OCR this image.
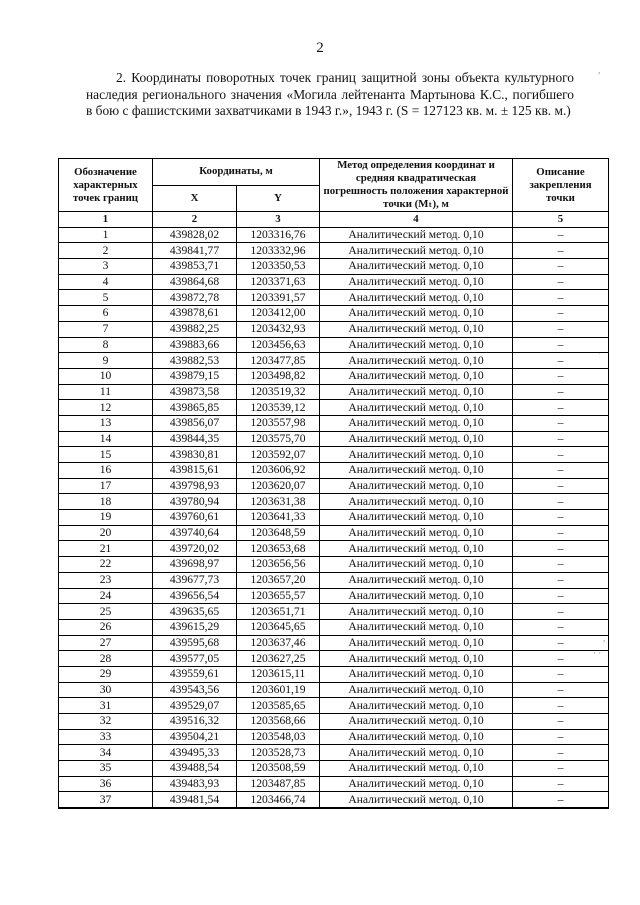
2

2. Координаты поворотных точек границ защитной зоны объекта культурного наследия регионального значения «Могила лейтенанта Мартынова К.С., погибшего в бою с фашистскими захватчиками в 1943 г.», 1943 г. (S = 127123 кв. м. ± 125 кв. м.)

,
˙
,
· ·
Обозначение характерных точек границ	Координаты, м		Метод определения координат и средняя квадратическая погрешность положения характерной точки (Mₜ), м	Описание закрепления точки
	X	Y		
1	2	3	4	5
1	439828,02	1203316,76	Аналитический метод. 0,10	–
2	439841,77	1203332,96	Аналитический метод. 0,10	–
3	439853,71	1203350,53	Аналитический метод. 0,10	–
4	439864,68	1203371,63	Аналитический метод. 0,10	–
5	439872,78	1203391,57	Аналитический метод. 0,10	–
6	439878,61	1203412,00	Аналитический метод. 0,10	–
7	439882,25	1203432,93	Аналитический метод. 0,10	–
8	439883,66	1203456,63	Аналитический метод. 0,10	–
9	439882,53	1203477,85	Аналитический метод. 0,10	–
10	439879,15	1203498,82	Аналитический метод. 0,10	–
11	439873,58	1203519,32	Аналитический метод. 0,10	–
12	439865,85	1203539,12	Аналитический метод. 0,10	–
13	439856,07	1203557,98	Аналитический метод. 0,10	–
14	439844,35	1203575,70	Аналитический метод. 0,10	–
15	439830,81	1203592,07	Аналитический метод. 0,10	–
16	439815,61	1203606,92	Аналитический метод. 0,10	–
17	439798,93	1203620,07	Аналитический метод. 0,10	–
18	439780,94	1203631,38	Аналитический метод. 0,10	–
19	439760,61	1203641,33	Аналитический метод. 0,10	–
20	439740,64	1203648,59	Аналитический метод. 0,10	–
21	439720,02	1203653,68	Аналитический метод. 0,10	–
22	439698,97	1203656,56	Аналитический метод. 0,10	–
23	439677,73	1203657,20	Аналитический метод. 0,10	–
24	439656,54	1203655,57	Аналитический метод. 0,10	–
25	439635,65	1203651,71	Аналитический метод. 0,10	–
26	439615,29	1203645,65	Аналитический метод. 0,10	–
27	439595,68	1203637,46	Аналитический метод. 0,10	–
28	439577,05	1203627,25	Аналитический метод. 0,10	–
29	439559,61	1203615,11	Аналитический метод. 0,10	–
30	439543,56	1203601,19	Аналитический метод. 0,10	–
31	439529,07	1203585,65	Аналитический метод. 0,10	–
32	439516,32	1203568,66	Аналитический метод. 0,10	–
33	439504,21	1203548,03	Аналитический метод. 0,10	–
34	439495,33	1203528,73	Аналитический метод. 0,10	–
35	439488,54	1203508,59	Аналитический метод. 0,10	–
36	439483,93	1203487,85	Аналитический метод. 0,10	–
37	439481,54	1203466,74	Аналитический метод. 0,10	–
